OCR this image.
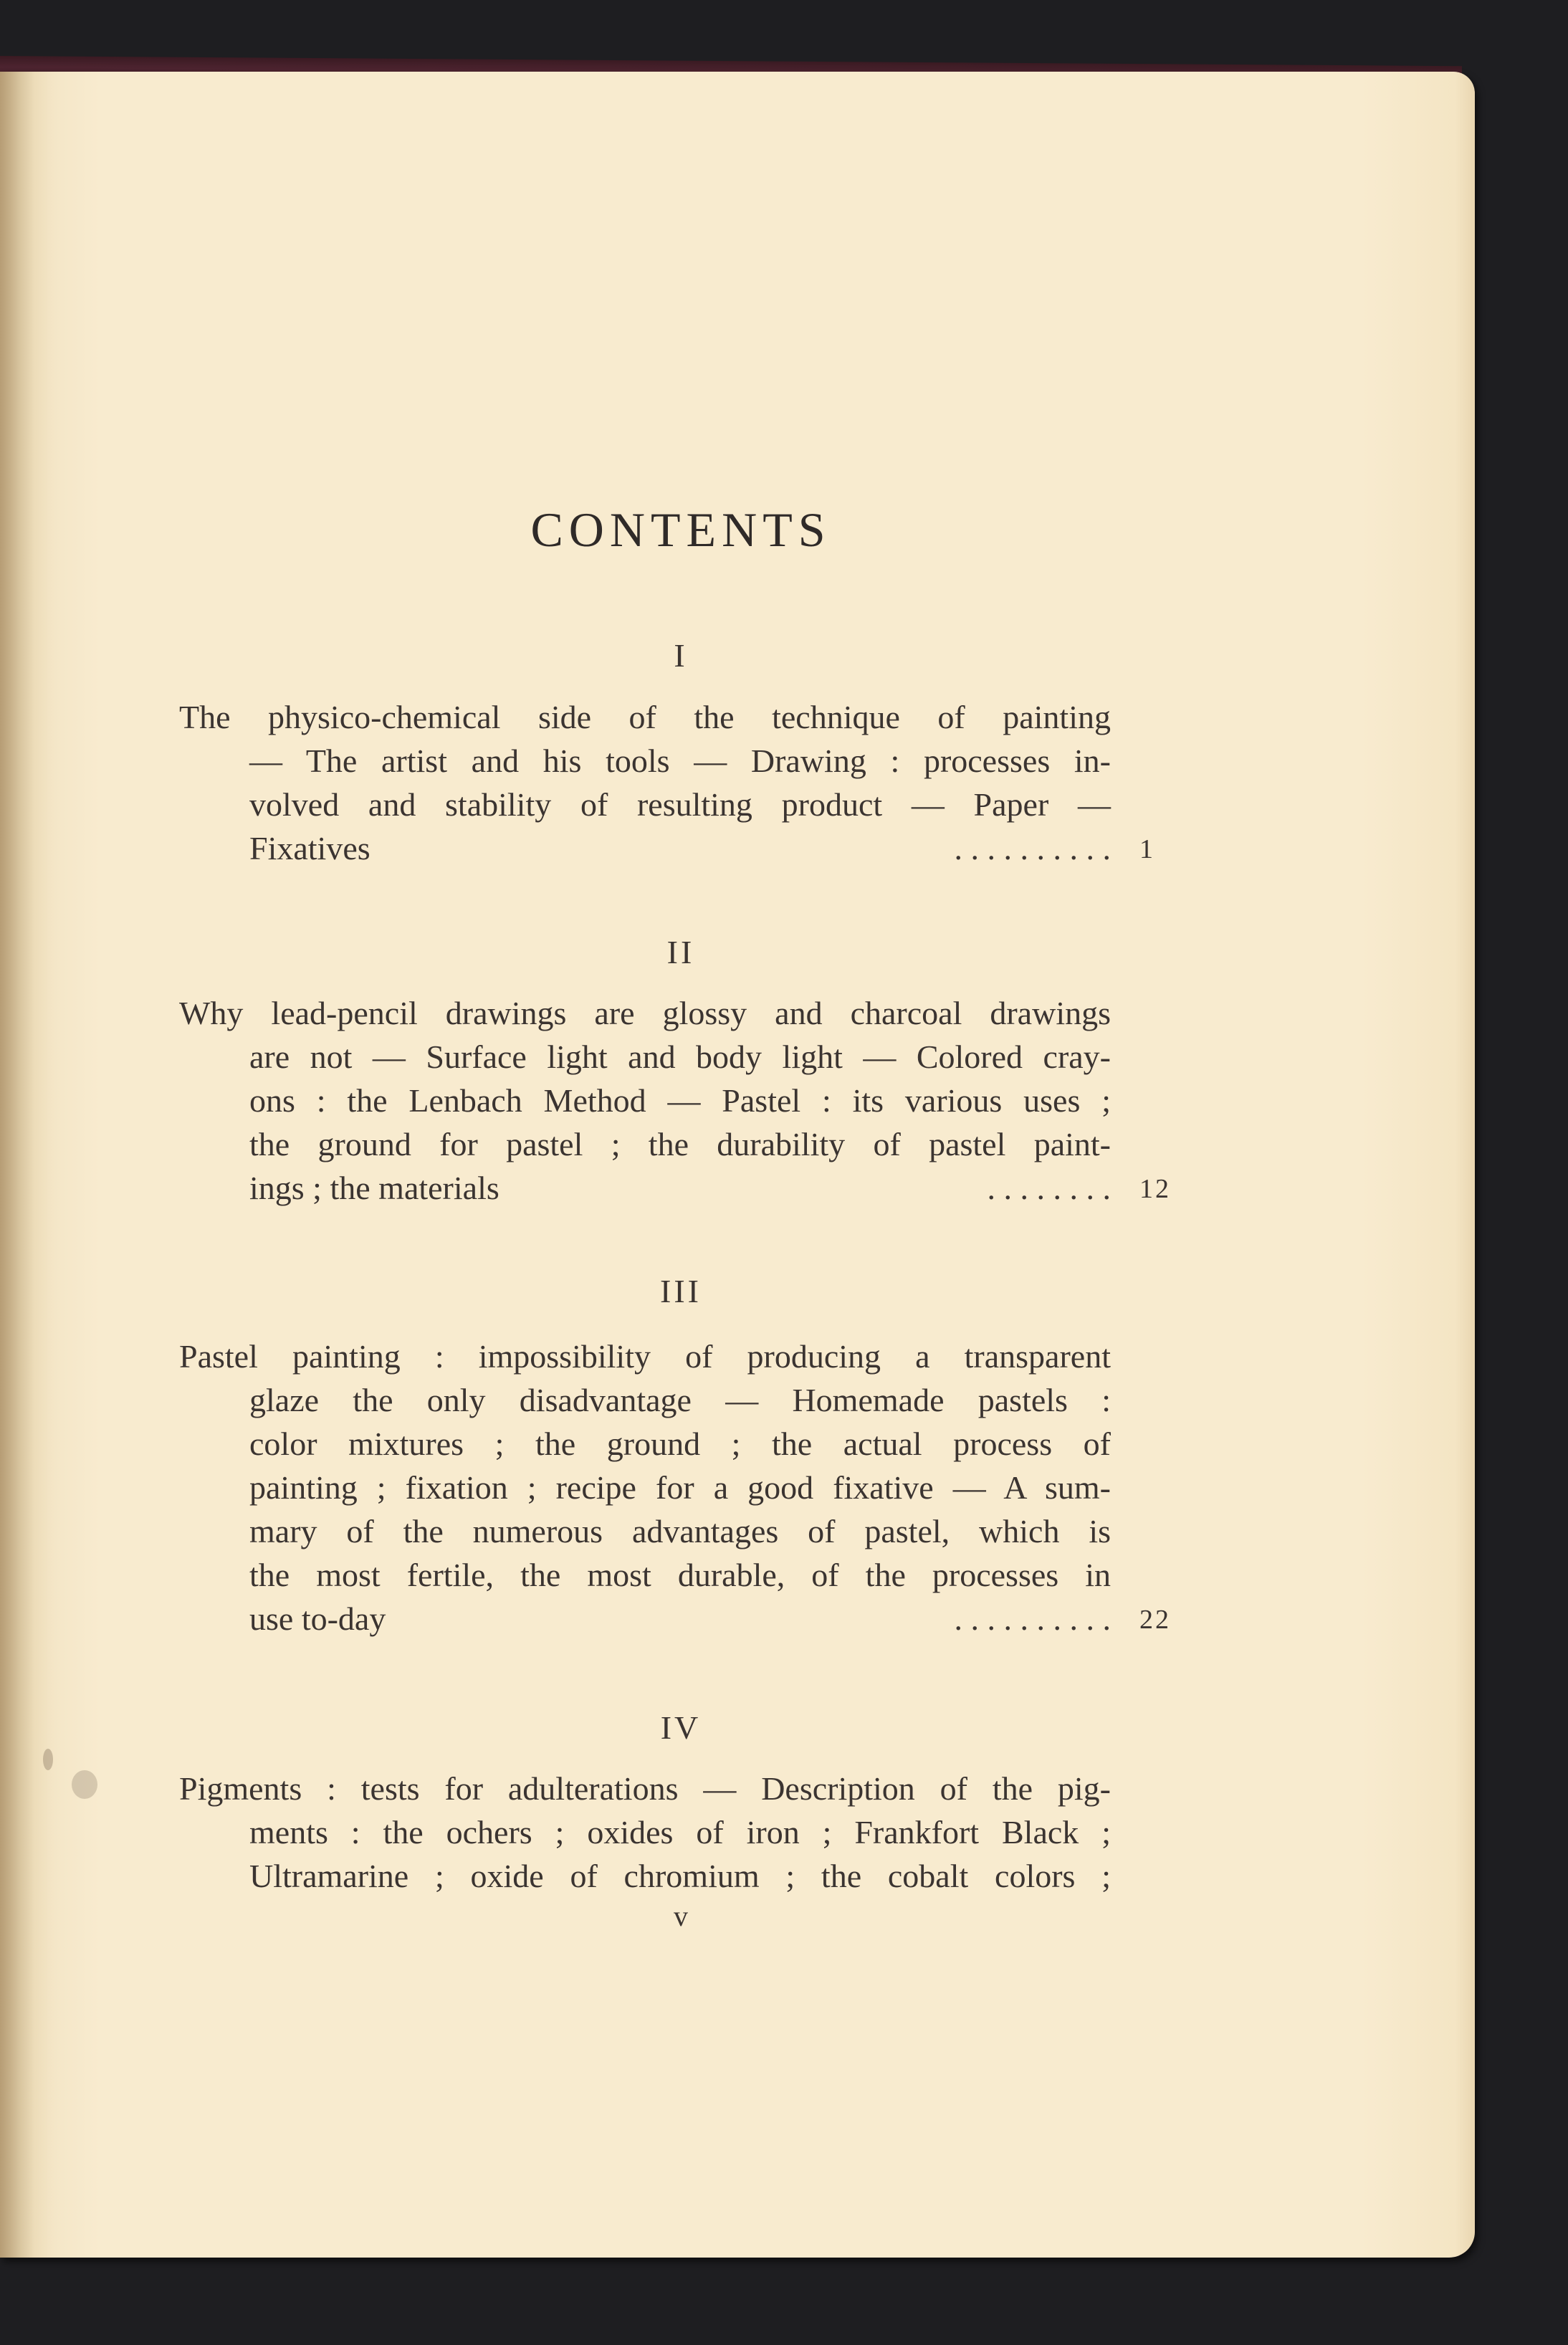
CONTENTS
I
The physico-chemical side of the technique of painting
— The artist and his tools — Drawing : processes in-
volved and stability of resulting product — Paper —
Fixatives	. . . . . . . . . . 1
II
Why lead-pencil drawings are glossy and charcoal drawings
are not — Surface light and body light — Colored cray-
ons : the Lenbach Method — Pastel : its various uses ;
the ground for pastel ; the durability of pastel paint-
ings ; the materials	. . . . . . . . 12
III
Pastel painting : impossibility of producing a transparent
glaze the only disadvantage — Homemade pastels :
color mixtures ; the ground ; the actual process of
painting ; fixation ; recipe for a good fixative — A sum-
mary of the numerous advantages of pastel, which is
the most fertile, the most durable, of the processes in
use to-day	. . . . . . . . . . 22
IV
Pigments : tests for adulterations — Description of the pig-
ments : the ochers ; oxides of iron ; Frankfort Black ;
Ultramarine ; oxide of chromium ; the cobalt colors ;
v
